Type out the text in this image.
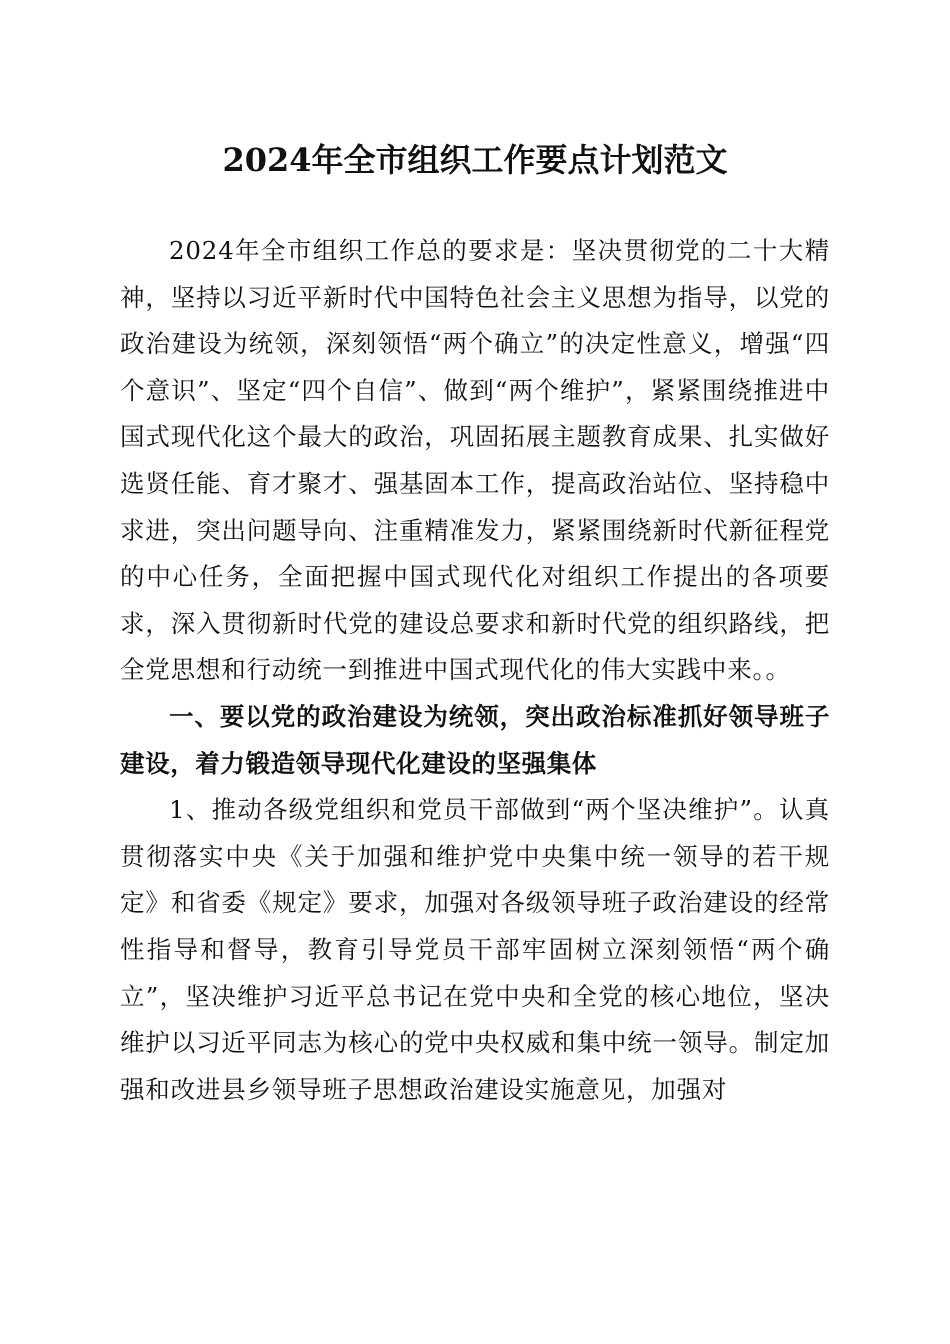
2024年全市组织工作要点计划范文

2024年全市组织工作总的要求是：坚决贯彻党的二十大精神，坚持以习近平新时代中国特色社会主义思想为指导，以党的政治建设为统领，深刻领悟“两个确立”的决定性意义，增强“四个意识”、坚定“四个自信”、做到“两个维护”，紧紧围绕推进中国式现代化这个最大的政治，巩固拓展主题教育成果、扎实做好选贤任能、育才聚才、强基固本工作，提高政治站位、坚持稳中求进，突出问题导向、注重精准发力，紧紧围绕新时代新征程党的中心任务，全面把握中国式现代化对组织工作提出的各项要求，深入贯彻新时代党的建设总要求和新时代党的组织路线，把全党思想和行动统一到推进中国式现代化的伟大实践中来。。

一、要以党的政治建设为统领，突出政治标准抓好领导班子建设，着力锻造领导现代化建设的坚强集体

1、推动各级党组织和党员干部做到“两个坚决维护”。认真贯彻落实中央《关于加强和维护党中央集中统一领导的若干规定》和省委《规定》要求，加强对各级领导班子政治建设的经常性指导和督导，教育引导党员干部牢固树立深刻领悟“两个确立”，坚决维护习近平总书记在党中央和全党的核心地位，坚决维护以习近平同志为核心的党中央权威和集中统一领导。制定加强和改进县乡领导班子思想政治建设实施意见，加强对
